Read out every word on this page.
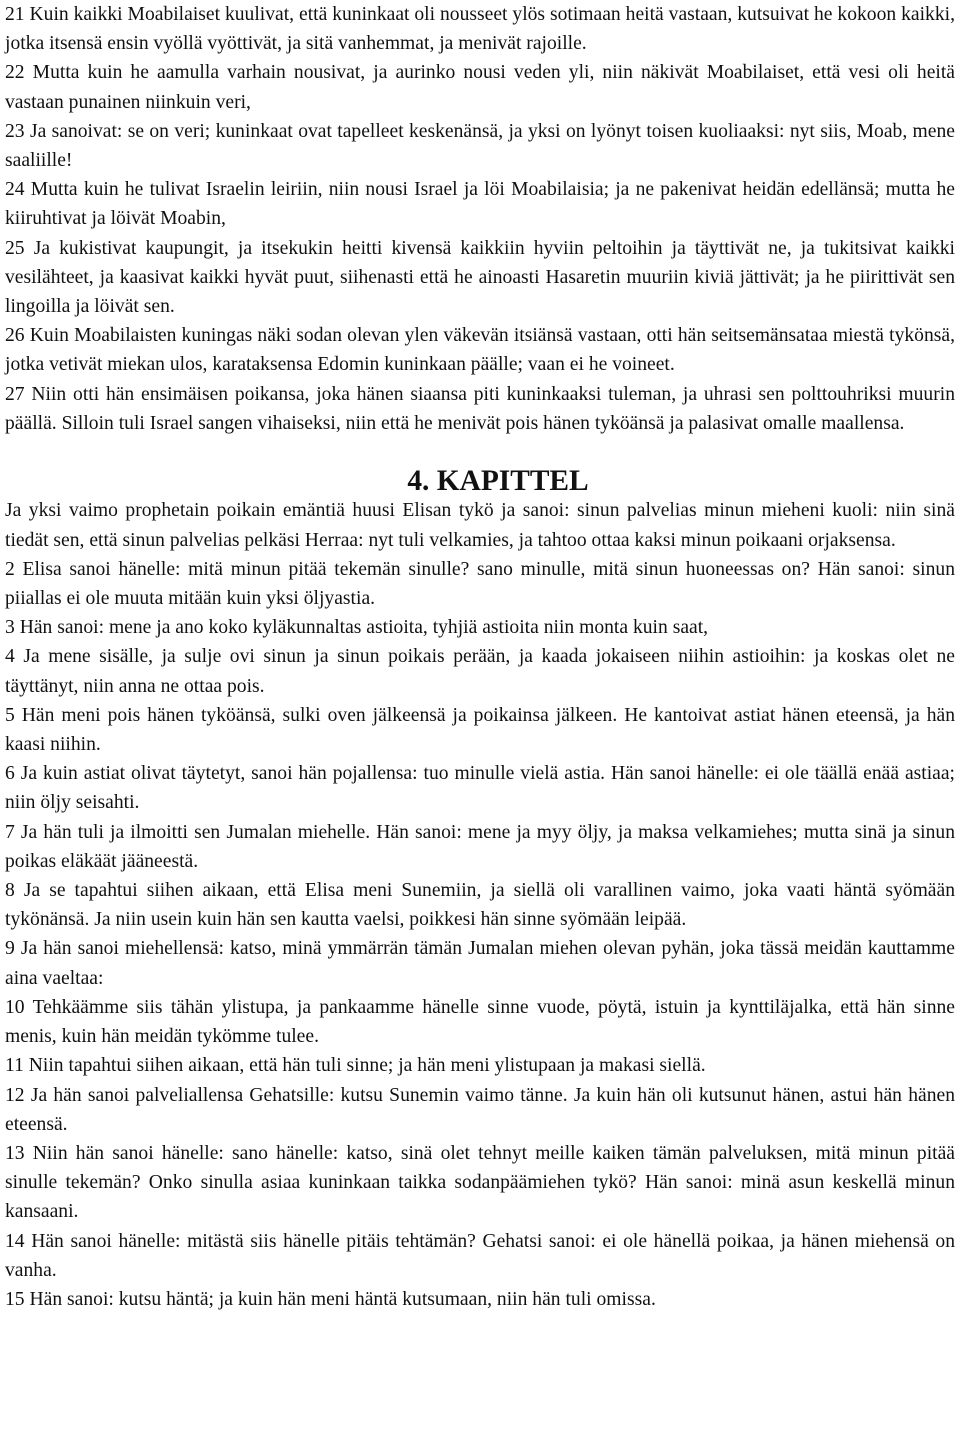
21 Kuin kaikki Moabilaiset kuulivat, että kuninkaat oli nousseet ylös sotimaan heitä vastaan, kutsuivat he kokoon kaikki, jotka itsensä ensin vyöllä vyöttivät, ja sitä vanhemmat, ja menivät rajoille.

22 Mutta kuin he aamulla varhain nousivat, ja aurinko nousi veden yli, niin näkivät Moabilaiset, että vesi oli heitä vastaan punainen niinkuin veri,

23 Ja sanoivat: se on veri; kuninkaat ovat tapelleet keskenänsä, ja yksi on lyönyt toisen kuoliaaksi: nyt siis, Moab, mene saaliille!

24 Mutta kuin he tulivat Israelin leiriin, niin nousi Israel ja löi Moabilaisia; ja ne pakenivat heidän edellänsä; mutta he kiiruhtivat ja löivät Moabin,

25 Ja kukistivat kaupungit, ja itsekukin heitti kivensä kaikkiin hyviin peltoihin ja täyttivät ne, ja tukitsivat kaikki vesilähteet, ja kaasivat kaikki hyvät puut, siihenasti että he ainoasti Hasaretin muuriin kiviä jättivät; ja he piirittivät sen lingoilla ja löivät sen.

26 Kuin Moabilaisten kuningas näki sodan olevan ylen väkevän itsiänsä vastaan, otti hän seitsemänsataa miestä tykönsä, jotka vetivät miekan ulos, karataksensa Edomin kuninkaan päälle; vaan ei he voineet.

27 Niin otti hän ensimäisen poikansa, joka hänen siaansa piti kuninkaaksi tuleman, ja uhrasi sen polttouhriksi muurin päällä. Silloin tuli Israel sangen vihaiseksi, niin että he menivät pois hänen tyköänsä ja palasivat omalle maallensa.

4. KAPITTEL

Ja yksi vaimo prophetain poikain emäntiä huusi Elisan tykö ja sanoi: sinun palvelias minun mieheni kuoli: niin sinä tiedät sen, että sinun palvelias pelkäsi Herraa: nyt tuli velkamies, ja tahtoo ottaa kaksi minun poikaani orjaksensa.

2 Elisa sanoi hänelle: mitä minun pitää tekemän sinulle? sano minulle, mitä sinun huoneessas on? Hän sanoi: sinun piiallas ei ole muuta mitään kuin yksi öljyastia.

3 Hän sanoi: mene ja ano koko kyläkunnaltas astioita, tyhjiä astioita niin monta kuin saat,

4 Ja mene sisälle, ja sulje ovi sinun ja sinun poikais perään, ja kaada jokaiseen niihin astioihin: ja koskas olet ne täyttänyt, niin anna ne ottaa pois.

5 Hän meni pois hänen tyköänsä, sulki oven jälkeensä ja poikainsa jälkeen. He kantoivat astiat hänen eteensä, ja hän kaasi niihin.

6 Ja kuin astiat olivat täytetyt, sanoi hän pojallensa: tuo minulle vielä astia. Hän sanoi hänelle: ei ole täällä enää astiaa; niin öljy seisahti.

7 Ja hän tuli ja ilmoitti sen Jumalan miehelle. Hän sanoi: mene ja myy öljy, ja maksa velkamiehes; mutta sinä ja sinun poikas eläkäät jääneestä.

8 Ja se tapahtui siihen aikaan, että Elisa meni Sunemiin, ja siellä oli varallinen vaimo, joka vaati häntä syömään tykönänsä. Ja niin usein kuin hän sen kautta vaelsi, poikkesi hän sinne syömään leipää.

9 Ja hän sanoi miehellensä: katso, minä ymmärrän tämän Jumalan miehen olevan pyhän, joka tässä meidän kauttamme aina vaeltaa:

10 Tehkäämme siis tähän ylistupa, ja pankaamme hänelle sinne vuode, pöytä, istuin ja kynttiläjalka, että hän sinne menis, kuin hän meidän tykömme tulee.

11 Niin tapahtui siihen aikaan, että hän tuli sinne; ja hän meni ylistupaan ja makasi siellä.

12 Ja hän sanoi palveliallensa Gehatsille: kutsu Sunemin vaimo tänne. Ja kuin hän oli kutsunut hänen, astui hän hänen eteensä.

13 Niin hän sanoi hänelle: sano hänelle: katso, sinä olet tehnyt meille kaiken tämän palveluksen, mitä minun pitää sinulle tekemän? Onko sinulla asiaa kuninkaan taikka sodanpäämiehen tykö? Hän sanoi: minä asun keskellä minun kansaani.

14 Hän sanoi hänelle: mitästä siis hänelle pitäis tehtämän? Gehatsi sanoi: ei ole hänellä poikaa, ja hänen miehensä on vanha.

15 Hän sanoi: kutsu häntä; ja kuin hän meni häntä kutsumaan, niin hän tuli omissa.
